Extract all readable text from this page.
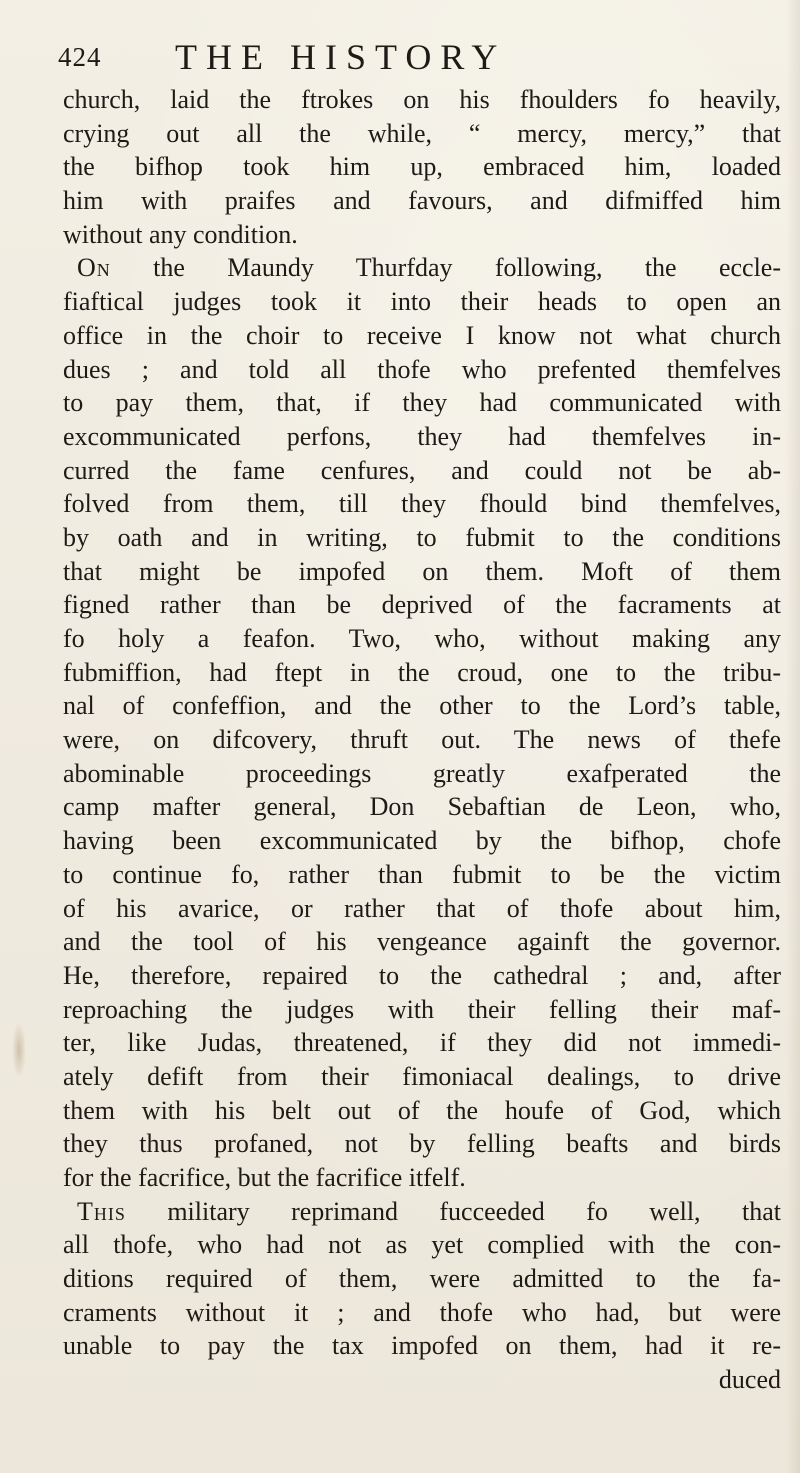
424 THE HISTORY
church, laid the ftrokes on his fhoulders fo heavily,
crying out all the while, “ mercy, mercy,” that
the bifhop took him up, embraced him, loaded
him with praifes and favours, and difmiffed him
without any condition.
On the Maundy Thurfday following, the eccle-
fiaftical judges took it into their heads to open an
office in the choir to receive I know not what church
dues ; and told all thofe who prefented themfelves
to pay them, that, if they had communicated with
excommunicated perfons, they had themfelves in-
curred the fame cenfures, and could not be ab-
folved from them, till they fhould bind themfelves,
by oath and in writing, to fubmit to the conditions
that might be impofed on them. Moft of them
figned rather than be deprived of the facraments at
fo holy a feafon. Two, who, without making any
fubmiffion, had ftept in the croud, one to the tribu-
nal of confeffion, and the other to the Lord’s table,
were, on difcovery, thruft out. The news of thefe
abominable proceedings greatly exafperated the
camp mafter general, Don Sebaftian de Leon, who,
having been excommunicated by the bifhop, chofe
to continue fo, rather than fubmit to be the victim
of his avarice, or rather that of thofe about him,
and the tool of his vengeance againft the governor.
He, therefore, repaired to the cathedral ; and, after
reproaching the judges with their felling their maf-
ter, like Judas, threatened, if they did not immedi-
ately defift from their fimoniacal dealings, to drive
them with his belt out of the houfe of God, which
they thus profaned, not by felling beafts and birds
for the facrifice, but the facrifice itfelf.
This military reprimand fucceeded fo well, that
all thofe, who had not as yet complied with the con-
ditions required of them, were admitted to the fa-
craments without it ; and thofe who had, but were
unable to pay the tax impofed on them, had it re-
duced
